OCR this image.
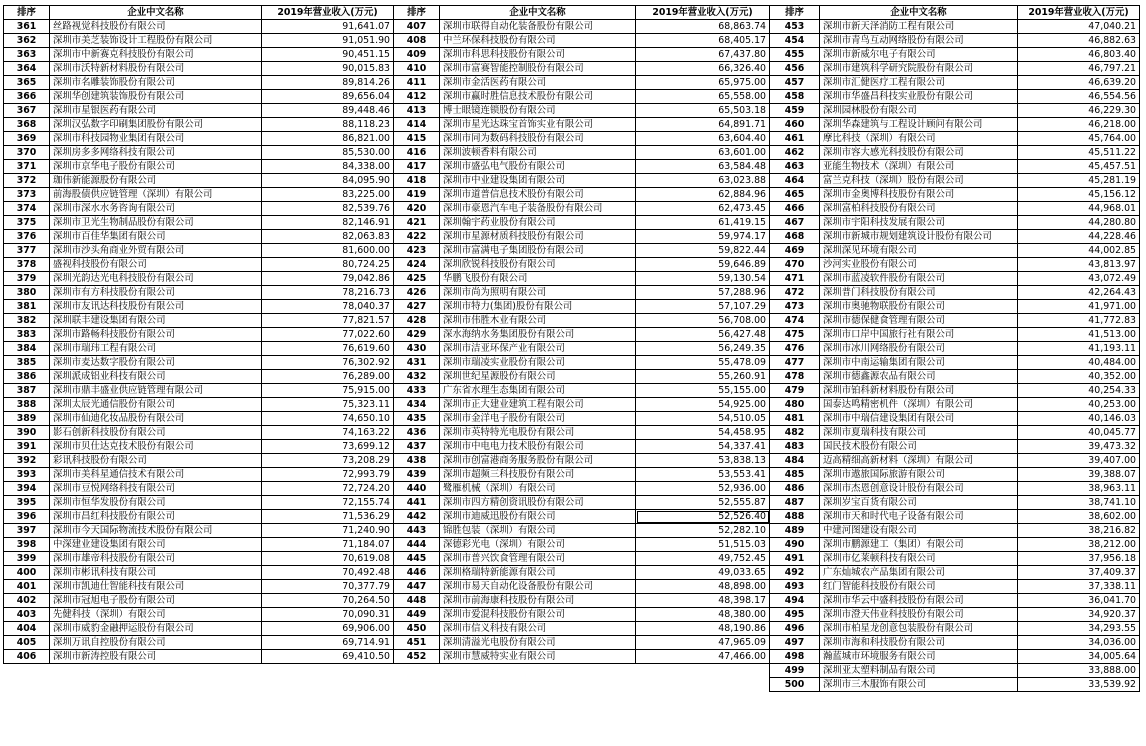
排序	企业中文名称	2019年营业收入(万元)
361	丝路视觉科技股份有限公司	91,641.07
362	深圳市美芝装饰设计工程股份有限公司	91,051.90
363	深圳市中新赛克科技股份有限公司	90,451.15
364	深圳市沃特新材料股份有限公司	90,015.83
365	深圳市名雕装饰股份有限公司	89,814.26
366	深圳华创建筑装饰股份有限公司	89,656.04
367	深圳市星银医药有限公司	89,448.46
368	深圳汉弘数字印刷集团股份有限公司	88,118.23
369	深圳市科技园物业集团有限公司	86,821.00
370	深圳房多多网络科技有限公司	85,530.00
371	深圳市京华电子股份有限公司	84,338.00
372	珈伟新能源股份有限公司	84,095.90
373	前海股债供应链管理（深圳）有限公司	83,225.00
374	深圳市深水水务咨询有限公司	82,539.76
375	深圳市卫光生物制品股份有限公司	82,146.91
376	深圳市百佳华集团有限公司	82,063.83
377	深圳市沙头角商业外贸有限公司	81,600.00
378	盛视科技股份有限公司	80,724.25
379	深圳光韵达光电科技股份有限公司	79,042.86
380	深圳市有方科技股份有限公司	78,216.73
381	深圳市友讯达科技股份有限公司	78,040.37
382	深圳联丰建设集团有限公司	77,821.57
383	深圳市路畅科技股份有限公司	77,022.60
384	深圳市瑞玮工程有限公司	76,619.60
385	深圳市麦达数字股份有限公司	76,302.92
386	深圳派成铝业科技有限公司	76,289.00
387	深圳市鼎丰盛业供应链管理有限公司	75,915.00
388	深圳太辰光通信股份有限公司	75,323.11
389	深圳市仙迪化妆品股份有限公司	74,650.10
390	影石创新科技股份有限公司	74,163.22
391	深圳市贝仕达克技术股份有限公司	73,699.12
392	彩讯科技股份有限公司	73,208.29
393	深圳市美科星通信技术有限公司	72,993.79
394	深圳市豆悦网络科技有限公司	72,724.20
395	深圳市恒华发股份有限公司	72,155.74
396	深圳市昌红科技股份有限公司	71,536.29
397	深圳市今天国际物流技术股份有限公司	71,240.90
398	中深建业建设集团有限公司	71,184.07
399	深圳市雄帝科技股份有限公司	70,619.08
400	深圳市彬讯科技有限公司	70,492.48
401	深圳市凯迪仕智能科技有限公司	70,377.79
402	深圳市冠旭电子股份有限公司	70,264.50
403	先健科技（深圳）有限公司	70,090.31
404	深圳市威豹金融押运股份有限公司	69,906.00
405	深圳万讯自控股份有限公司	69,714.91
406	深圳市新涛控股有限公司	69,410.50
排序	企业中文名称	2019年营业收入(万元)
407	深圳市联得自动化装备股份有限公司	68,863.74
408	中兰环保科技股份有限公司	68,405.17
409	深圳市科思科技股份有限公司	67,437.80
410	深圳市富赛智能控制股份有限公司	66,326.40
411	深圳市金活医药有限公司	65,975.00
412	深圳市赢时胜信息技术股份有限公司	65,558.00
413	博士眼镜连锁股份有限公司	65,503.18
414	深圳市星光达珠宝首饰实业有限公司	64,891.71
415	深圳市同为数码科技股份有限公司	63,604.40
416	深圳波顿香料有限公司	63,601.00
417	深圳市盛弘电气股份有限公司	63,584.48
418	深圳市中业建设集团有限公司	63,023.88
419	深圳市道普信息技术股份有限公司	62,884.96
420	深圳市豪恩汽车电子装备股份有限公司	62,473.45
421	深圳翰宇药业股份有限公司	61,419.15
422	深圳市星源材质科技股份有限公司	59,974.17
423	深圳市富满电子集团股份有限公司	59,822.44
424	深圳欣锐科技股份有限公司	59,646.89
425	华鹏飞股份有限公司	59,130.54
426	深圳市尚为照明有限公司	57,288.96
427	深圳市特力(集团)股份有限公司	57,107.29
428	深圳市伟胜木业有限公司	56,708.00
429	深水海纳水务集团股份有限公司	56,427.48
430	深圳市洁亚环保产业有限公司	56,249.35
431	深圳市瑞凌实业股份有限公司	55,478.09
432	深圳世纪星源股份有限公司	55,260.91
433	广东省水理生态集团有限公司	55,155.00
434	深圳市正大建业建筑工程有限公司	54,925.00
435	深圳市金洋电子股份有限公司	54,510.05
436	深圳市英特特光电股份有限公司	54,458.95
437	深圳市中电电力技术股份有限公司	54,337.41
438	深圳市创富港商务服务股份有限公司	53,838.13
439	深圳市超频三科技股份有限公司	53,553.41
440	鹭雁机械（深圳）有限公司	52,936.00
441	深圳市四方精创资讯股份有限公司	52,555.87
442	深圳市迪威迅股份有限公司	52,526.40
443	锦胜包装（深圳）有限公司	52,282.10
444	深德彩光电（深圳）有限公司	51,515.03
445	深圳市普兴饮食管理有限公司	49,752.45
446	深圳格瑞特新能源有限公司	49,033.65
447	深圳市易天自动化设备股份有限公司	48,898.00
448	深圳市前海康科技股份有限公司	48,398.17
449	深圳市爱混科技股份有限公司	48,380.00
450	深圳市信义科技有限公司	48,190.86
451	深圳清溢光电股份有限公司	47,965.09
452	深圳市慧威特实业有限公司	47,466.00
排序	企业中文名称	2019年营业收入(万元)
453	深圳市新天泽消防工程有限公司	47,040.21
454	深圳市青鸟互动网络股份有限公司	46,882.63
455	深圳市新威尔电子有限公司	46,803.40
456	深圳市建筑科学研究院股份有限公司	46,797.21
457	深圳市汇健医疗工程有限公司	46,639.20
458	深圳市华盛昌科技实业股份有限公司	46,554.56
459	深圳园林股份有限公司	46,229.30
460	深圳华森建筑与工程设计顾问有限公司	46,218.00
461	摩比科技（深圳）有限公司	45,764.00
462	深圳市容大感光科技股份有限公司	45,511.22
463	亚能生物技术（深圳）有限公司	45,457.51
464	富兰克科技（深圳）股份有限公司	45,281.19
465	深圳市金奥博科技股份有限公司	45,156.12
466	深圳富柏科技股份有限公司	44,968.01
467	深圳市宇阳科技发展有限公司	44,280.80
468	深圳市新城市规划建筑设计股份有限公司	44,228.46
469	深圳深见环境有限公司	44,002.85
470	沙河实业股份有限公司	43,813.97
471	深圳市蓝凌软件股份有限公司	43,072.49
472	深圳普门科技股份有限公司	42,264.43
473	深圳市奥驰物联股份有限公司	41,971.00
474	深圳市德保健食管理有限公司	41,772.83
475	深圳市口岸中国旅行社有限公司	41,513.00
476	深圳市冰川网络股份有限公司	41,193.11
477	深圳市中南运输集团有限公司	40,484.00
478	深圳市德鑫源农品有限公司	40,352.00
479	深圳市铂科新材料股份有限公司	40,254.33
480	国泰达鸣精密机件（深圳）有限公司	40,253.00
481	深圳市中瑞信建设集团有限公司	40,146.03
482	深圳市夏瑞科技有限公司	40,045.77
483	国民技术股份有限公司	39,473.32
484	迈高精细高新材料（深圳）有限公司	39,407.00
485	深圳市遨旅国际旅游有限公司	39,388.07
486	深圳市杰恩创意设计股份有限公司	38,963.11
487	深圳岁宝百货有限公司	38,741.10
488	深圳市天和时代电子设备有限公司	38,602.00
489	中建河图建设有限公司	38,216.82
490	深圳市鹏源建工（集团）有限公司	38,212.00
491	深圳市亿莱顿科技有限公司	37,956.18
492	广东灿城农产品集团有限公司	37,409.37
493	红门智能科技股份有限公司	37,338.11
494	深圳市华云中盛科技股份有限公司	36,041.70
495	深圳市澄天伟业科技股份有限公司	34,920.37
496	深圳市柏星龙创意包装股份有限公司	34,293.55
497	深圳市海和科技股份有限公司	34,036.00
498	瀚蓝城市环境服务有限公司	34,005.64
499	深圳亚太塑料制品有限公司	33,888.00
500	深圳市三木服饰有限公司	33,539.92
